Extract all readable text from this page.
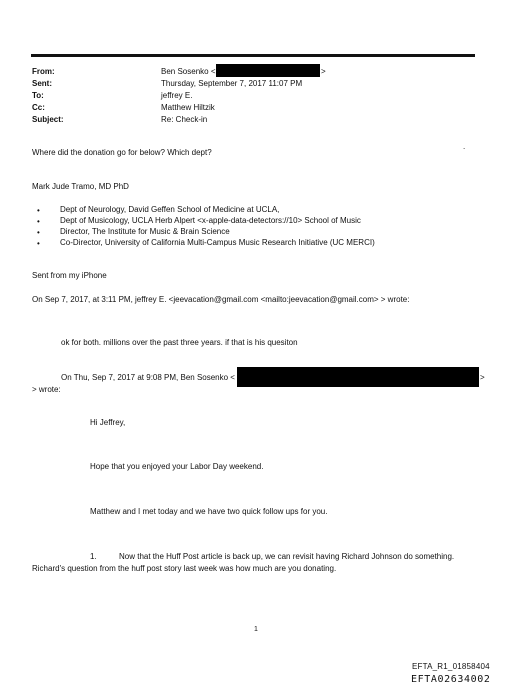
From:	Ben Sosenko <	>
Sent:	Thursday, September 7, 2017 11:07 PM
To:	jeffrey E.
Cc:	Matthew Hiltzik
Subject:	Re: Check-in
Where did the donation go for below? Which dept?
.
Mark Jude Tramo, MD PhD
•	Dept of Neurology, David Geffen School of Medicine at UCLA,
•	Dept of Musicology, UCLA Herb Alpert <x-apple-data-detectors://10> School of Music
•	Director, The Institute for Music & Brain Science
•	Co-Director, University of California Multi-Campus Music Research Initiative (UC MERCI)
Sent from my iPhone
On Sep 7, 2017, at 3:11 PM, jeffrey E. <jeevacation@gmail.com <mailto:jeevacation@gmail.com> > wrote:
ok for both. millions over the past three years. if that is his quesiton
On Thu, Sep 7, 2017 at 9:08 PM, Ben Sosenko <	>
> wrote:
Hi Jeffrey,
Hope that you enjoyed your Labor Day weekend.
Matthew and I met today and we have two quick follow ups for you.
1.	Now that the Huff Post article is back up, we can revisit having Richard Johnson do something.
Richard's question from the huff post story last week was how much are you donating.
1
EFTA_R1_01858404
EFTA02634002
